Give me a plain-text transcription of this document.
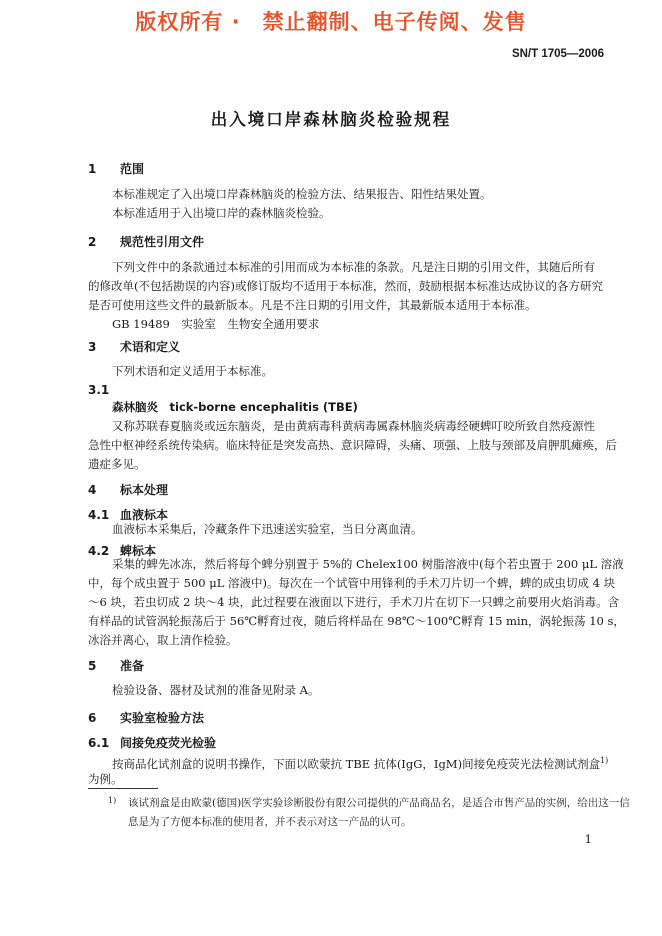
版权所有 ·　禁止翻制、电子传阅、发售
SN/T 1705—2006
出入境口岸森林脑炎检验规程
1 范围
本标准规定了入出境口岸森林脑炎的检验方法、结果报告、阳性结果处置。
本标准适用于入出境口岸的森林脑炎检验。
2 规范性引用文件
下列文件中的条款通过本标准的引用而成为本标准的条款。凡是注日期的引用文件，其随后所有
的修改单(不包括勘误的内容)或修订版均不适用于本标准，然而，鼓励根据本标准达成协议的各方研究
是否可使用这些文件的最新版本。凡是不注日期的引用文件，其最新版本适用于本标准。
GB 19489　实验室　生物安全通用要求
3 术语和定义
下列术语和定义适用于本标准。
3.1
森林脑炎　tick-borne encephalitis (TBE)
又称苏联春夏脑炎或远东脑炎，是由黄病毒科黄病毒属森林脑炎病毒经硬蜱叮咬所致自然疫源性
急性中枢神经系统传染病。临床特征是突发高热、意识障碍，头痛、项强、上肢与颈部及肩胛肌瘫痪，后
遗症多见。
4 标本处理
4.1 血液标本
血液标本采集后，冷藏条件下迅速送实验室，当日分离血清。
4.2 蜱标本
采集的蜱先冰冻，然后将每个蜱分别置于 5%的 Chelex100 树脂溶液中(每个若虫置于 200 μL 溶液
中，每个成虫置于 500 μL 溶液中)。每次在一个试管中用锋利的手术刀片切一个蜱，蜱的成虫切成 4 块
～6 块，若虫切成 2 块～4 块，此过程要在液面以下进行，手术刀片在切下一只蜱之前要用火焰消毒。含
有样品的试管涡轮振荡后于 56℃孵育过夜，随后将样品在 98℃～100℃孵育 15 min，涡轮振荡 10 s，
冰浴并离心，取上清作检验。
5 准备
检验设备、器材及试剂的准备见附录 A。
6 实验室检验方法
6.1 间接免疫荧光检验
按商品化试剂盒的说明书操作，下面以欧蒙抗 TBE 抗体(IgG，IgM)间接免疫荧光法检测试剂盒$^{1)}$
为例。
1)	该试剂盒是由欧蒙(德国)医学实验诊断股份有限公司提供的产品商品名，是适合市售产品的实例，给出这一信
息是为了方便本标准的使用者，并不表示对这一产品的认可。
1
